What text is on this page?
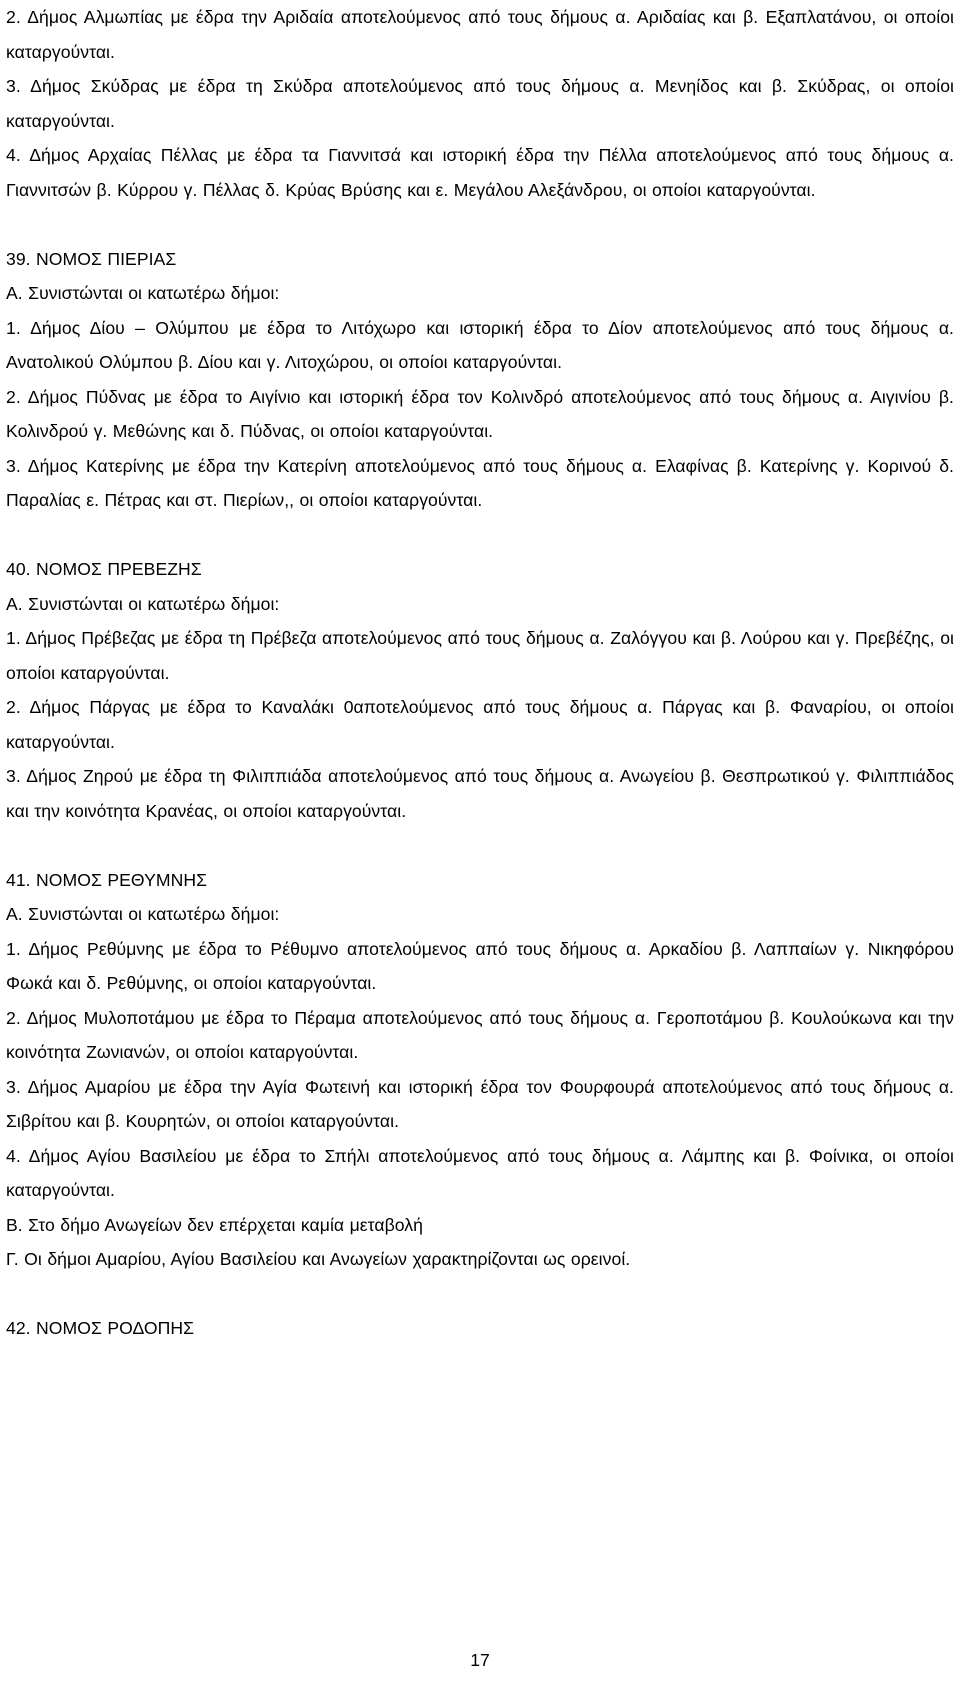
2. Δήμος Αλμωπίας με έδρα την Αριδαία αποτελούμενος από τους δήμους α. Αριδαίας και β. Εξαπλατάνου, οι οποίοι καταργούνται.

3. Δήμος Σκύδρας με έδρα τη Σκύδρα αποτελούμενος από τους δήμους α. Μενηίδος και β. Σκύδρας, οι οποίοι καταργούνται.

4. Δήμος Αρχαίας Πέλλας με έδρα τα Γιαννιτσά και ιστορική έδρα την Πέλλα αποτελούμενος από τους δήμους α. Γιαννιτσών β. Κύρρου γ. Πέλλας δ. Κρύας Βρύσης και ε. Μεγάλου Αλεξάνδρου, οι οποίοι καταργούνται.

39. ΝΟΜΟΣ ΠΙΕΡΙΑΣ

Α. Συνιστώνται οι κατωτέρω δήμοι:

1. Δήμος Δίου – Ολύμπου με έδρα το Λιτόχωρο και ιστορική έδρα το Δίον αποτελούμενος από τους δήμους α. Ανατολικού Ολύμπου β. Δίου και γ. Λιτοχώρου, οι οποίοι καταργούνται.

2. Δήμος Πύδνας με έδρα το Αιγίνιο και ιστορική έδρα τον Κολινδρό αποτελούμενος από τους δήμους α. Αιγινίου β. Κολινδρού γ. Μεθώνης και δ. Πύδνας, οι οποίοι καταργούνται.

3. Δήμος Κατερίνης με έδρα την Κατερίνη αποτελούμενος από τους δήμους α. Ελαφίνας β. Κατερίνης γ. Κορινού δ. Παραλίας ε. Πέτρας και στ. Πιερίων,, οι οποίοι καταργούνται.

40. ΝΟΜΟΣ ΠΡΕΒΕΖΗΣ

Α. Συνιστώνται οι κατωτέρω δήμοι:

1. Δήμος Πρέβεζας με έδρα τη Πρέβεζα αποτελούμενος από τους δήμους α. Ζαλόγγου και β. Λούρου και γ. Πρεβέζης, οι οποίοι καταργούνται.

2. Δήμος Πάργας με έδρα το Καναλάκι 0αποτελούμενος από τους δήμους α. Πάργας και β. Φαναρίου, οι οποίοι καταργούνται.

3. Δήμος Ζηρού με έδρα τη Φιλιππιάδα αποτελούμενος από τους δήμους α. Ανωγείου β. Θεσπρωτικού γ. Φιλιππιάδος και την κοινότητα Κρανέας, οι οποίοι καταργούνται.

41. ΝΟΜΟΣ ΡΕΘΥΜΝΗΣ

Α. Συνιστώνται οι κατωτέρω δήμοι:

1. Δήμος Ρεθύμνης με έδρα το Ρέθυμνο αποτελούμενος από τους δήμους α. Αρκαδίου β. Λαππαίων γ. Νικηφόρου Φωκά και δ. Ρεθύμνης, οι οποίοι καταργούνται.

2. Δήμος Μυλοποτάμου με έδρα το Πέραμα αποτελούμενος από τους δήμους α. Γεροποτάμου β. Κουλούκωνα και την κοινότητα Ζωνιανών, οι οποίοι καταργούνται.

3. Δήμος Αμαρίου με έδρα την Αγία Φωτεινή και ιστορική έδρα τον Φουρφουρά αποτελούμενος από τους δήμους α. Σιβρίτου και β. Κουρητών, οι οποίοι καταργούνται.

4. Δήμος Αγίου Βασιλείου με έδρα το Σπήλι αποτελούμενος από τους δήμους α. Λάμπης και β. Φοίνικα, οι οποίοι καταργούνται.

Β. Στο δήμο Ανωγείων δεν επέρχεται καμία μεταβολή

Γ. Οι δήμοι Αμαρίου, Αγίου Βασιλείου και Ανωγείων χαρακτηρίζονται ως ορεινοί.

42. ΝΟΜΟΣ ΡΟΔΟΠΗΣ

17
